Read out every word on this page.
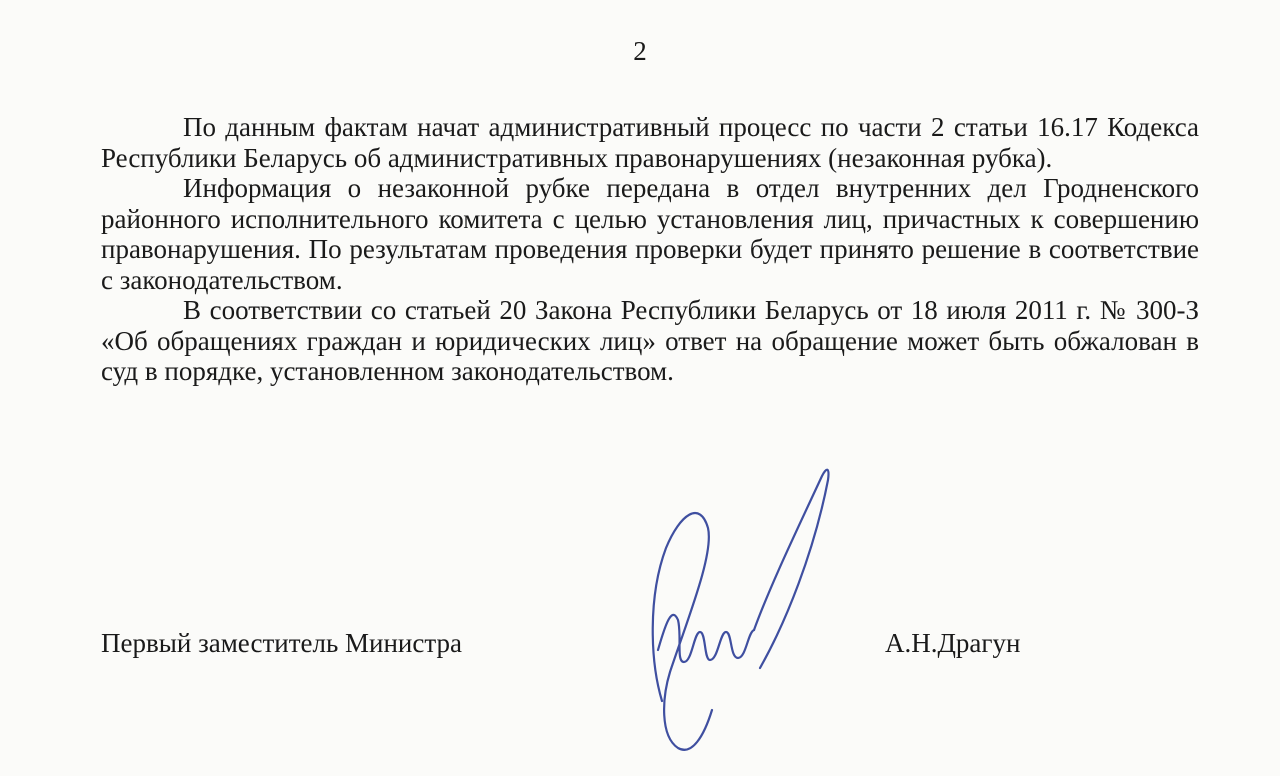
2

По данным фактам начат административный процесс по части 2 статьи 16.17 Кодекса Республики Беларусь об административных правонарушениях (незаконная рубка).

Информация о незаконной рубке передана в отдел внутренних дел Гродненского районного исполнительного комитета с целью установления лиц, причастных к совершению правонарушения. По результатам проведения проверки будет принято решение в соответствие с законодательством.

В соответствии со статьей 20 Закона Республики Беларусь от 18 июля 2011 г. № 300-З «Об обращениях граждан и юридических лиц» ответ на обращение может быть обжалован в суд в порядке, установленном законодательством.

Первый заместитель Министра	А.Н.Драгун
